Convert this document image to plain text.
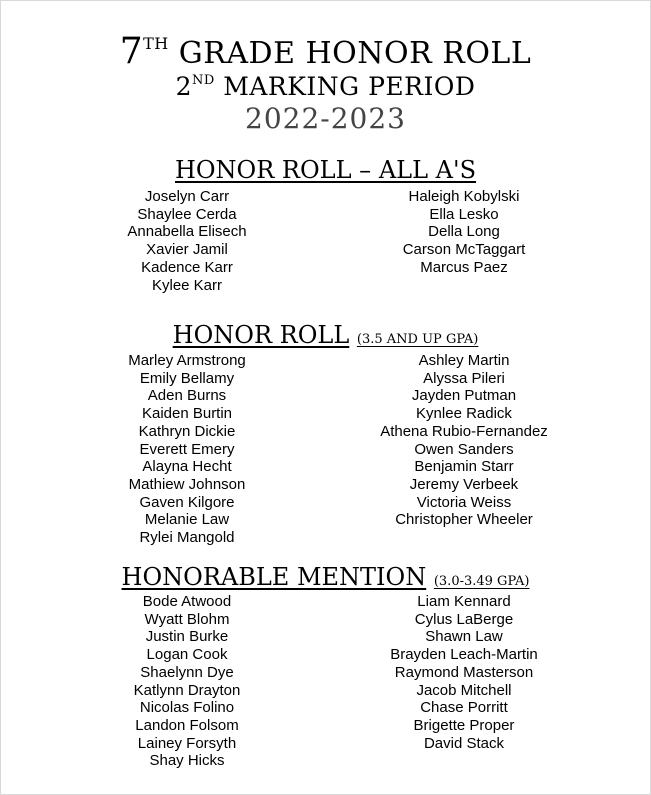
7TH GRADE HONOR ROLL
2ND MARKING PERIOD
2022-2023
HONOR ROLL – ALL A'S
Joselyn Carr
Shaylee Cerda
Annabella Elisech
Xavier Jamil
Kadence Karr
Kylee Karr
Haleigh Kobylski
Ella Lesko
Della Long
Carson McTaggart
Marcus Paez
HONOR ROLL (3.5 AND UP GPA)
Marley Armstrong
Emily Bellamy
Aden Burns
Kaiden Burtin
Kathryn Dickie
Everett Emery
Alayna Hecht
Mathiew Johnson
Gaven Kilgore
Melanie Law
Rylei Mangold
Ashley Martin
Alyssa Pileri
Jayden Putman
Kynlee Radick
Athena Rubio-Fernandez
Owen Sanders
Benjamin Starr
Jeremy Verbeek
Victoria Weiss
Christopher Wheeler
HONORABLE MENTION (3.0-3.49 GPA)
Bode Atwood
Wyatt Blohm
Justin Burke
Logan Cook
Shaelynn Dye
Katlynn Drayton
Nicolas Folino
Landon Folsom
Lainey Forsyth
Shay Hicks
Liam Kennard
Cylus LaBerge
Shawn Law
Brayden Leach-Martin
Raymond Masterson
Jacob Mitchell
Chase Porritt
Brigette Proper
David Stack
